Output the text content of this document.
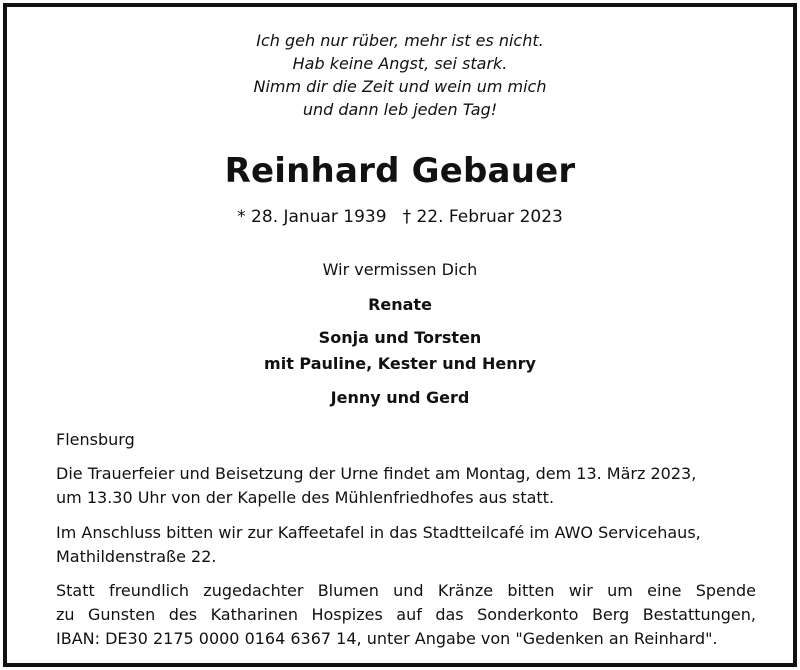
Ich geh nur rüber, mehr ist es nicht.
Hab keine Angst, sei stark.
Nimm dir die Zeit und wein um mich
und dann leb jeden Tag!
Reinhard Gebauer
* 28. Januar 1939 † 22. Februar 2023
Wir vermissen Dich
Renate
Sonja und Torsten
mit Pauline, Kester und Henry
Jenny und Gerd
Flensburg
Die Trauerfeier und Beisetzung der Urne findet am Montag, dem 13. März 2023,
um 13.30 Uhr von der Kapelle des Mühlenfriedhofes aus statt.
Im Anschluss bitten wir zur Kaffeetafel in das Stadtteilcafé im AWO Servicehaus,
Mathildenstraße 22.
Statt freundlich zugedachter Blumen und Kränze bitten wir um eine Spende
zu Gunsten des Katharinen Hospizes auf das Sonderkonto Berg Bestattungen,
IBAN: DE30 2175 0000 0164 6367 14, unter Angabe von "Gedenken an Reinhard".
